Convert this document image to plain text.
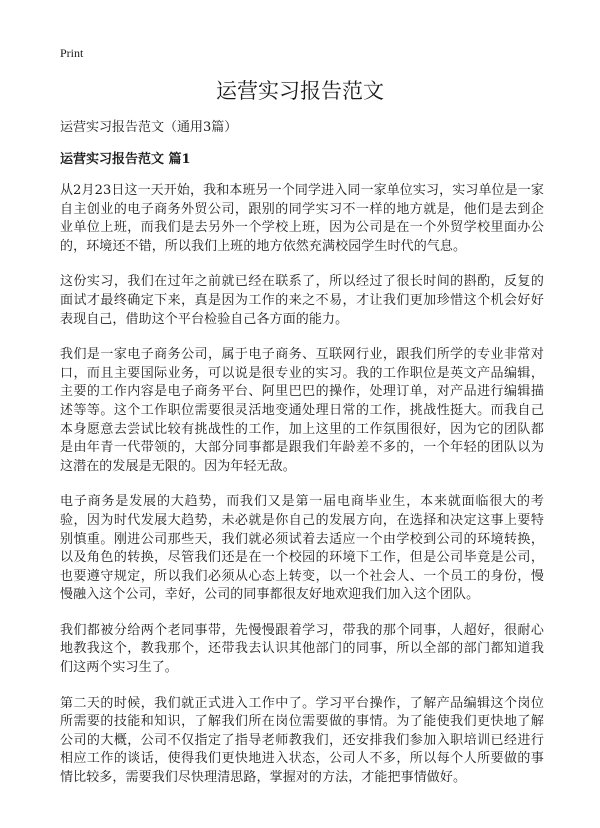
Print
运营实习报告范文
运营实习报告范文（通用3篇）
运营实习报告范文 篇1

从2月23日这一天开始，我和本班另一个同学进入同一家单位实习，实习单位是一家自主创业的电子商务外贸公司，跟别的同学实习不一样的地方就是，他们是去到企业单位上班，而我们是去另外一个学校上班，因为公司是在一个外贸学校里面办公的，环境还不错，所以我们上班的地方依然充满校园学生时代的气息。

这份实习，我们在过年之前就已经在联系了，所以经过了很长时间的斟酌，反复的面试才最终确定下来，真是因为工作的来之不易，才让我们更加珍惜这个机会好好表现自己，借助这个平台检验自己各方面的能力。

我们是一家电子商务公司，属于电子商务、互联网行业，跟我们所学的专业非常对口，而且主要国际业务，可以说是很专业的实习。我的工作职位是英文产品编辑，主要的工作内容是电子商务平台、阿里巴巴的操作，处理订单，对产品进行编辑描述等等。这个工作职位需要很灵活地变通处理日常的工作，挑战性挺大。而我自己本身愿意去尝试比较有挑战性的工作，加上这里的工作氛围很好，因为它的团队都是由年青一代带领的，大部分同事都是跟我们年龄差不多的，一个年轻的团队以为这潜在的发展是无限的。因为年轻无敌。

电子商务是发展的大趋势，而我们又是第一届电商毕业生，本来就面临很大的考验，因为时代发展大趋势，未必就是你自己的发展方向，在选择和决定这事上要特别慎重。刚进公司那些天，我们就必须试着去适应一个由学校到公司的环境转换，以及角色的转换，尽管我们还是在一个校园的环境下工作，但是公司毕竟是公司，也要遵守规定，所以我们必须从心态上转变，以一个社会人、一个员工的身份，慢慢融入这个公司，幸好，公司的同事都很友好地欢迎我们加入这个团队。

我们都被分给两个老同事带，先慢慢跟着学习，带我的那个同事，人超好，很耐心地教我这个，教我那个，还带我去认识其他部门的同事，所以全部的部门都知道我们这两个实习生了。

第二天的时候，我们就正式进入工作中了。学习平台操作，了解产品编辑这个岗位所需要的技能和知识，了解我们所在岗位需要做的事情。为了能使我们更快地了解公司的大概，公司不仅指定了指导老师教我们，还安排我们参加入职培训已经进行相应工作的谈话，使得我们更快地进入状态，公司人不多，所以每个人所要做的事情比较多，需要我们尽快理清思路，掌握对的方法，才能把事情做好。
